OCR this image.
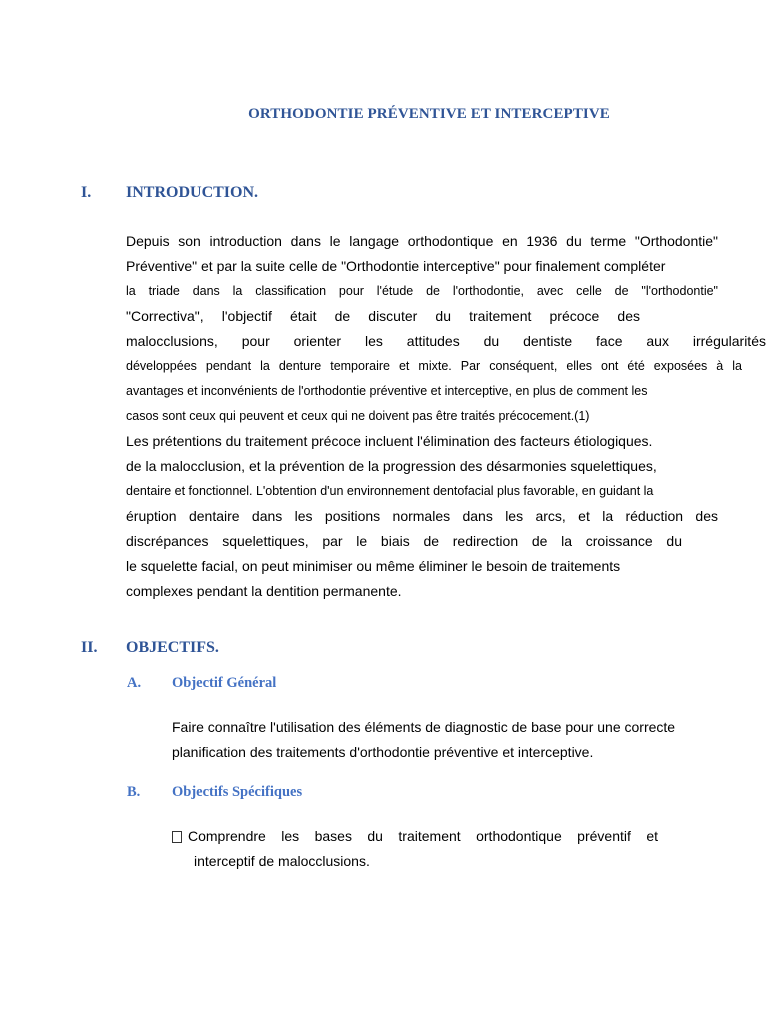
ORTHODONTIE PRÉVENTIVE ET INTERCEPTIVE
I. INTRODUCTION.
Depuis son introduction dans le langage orthodontique en 1936 du terme "Orthodontie"
Préventive" et par la suite celle de "Orthodontie interceptive" pour finalement compléter
la triade dans la classification pour l'étude de l'orthodontie, avec celle de "l'orthodontie"
"Correctiva", l'objectif était de discuter du traitement précoce des
malocclusions, pour orienter les attitudes du dentiste face aux irrégularités
développées pendant la denture temporaire et mixte. Par conséquent, elles ont été exposées à la
avantages et inconvénients de l'orthodontie préventive et interceptive, en plus de comment les
casos sont ceux qui peuvent et ceux qui ne doivent pas être traités précocement.(1)
Les prétentions du traitement précoce incluent l'élimination des facteurs étiologiques.
de la malocclusion, et la prévention de la progression des désarmonies squelettiques,
dentaire et fonctionnel. L'obtention d'un environnement dentofacial plus favorable, en guidant la
éruption dentaire dans les positions normales dans les arcs, et la réduction des
discrépances squelettiques, par le biais de redirection de la croissance du
le squelette facial, on peut minimiser ou même éliminer le besoin de traitements
complexes pendant la dentition permanente.
II. OBJECTIFS.
A. Objectif Général
Faire connaître l'utilisation des éléments de diagnostic de base pour une correcte
planification des traitements d'orthodontie préventive et interceptive.
B. Objectifs Spécifiques
Comprendre les bases du traitement orthodontique préventif et
interceptif de malocclusions.
